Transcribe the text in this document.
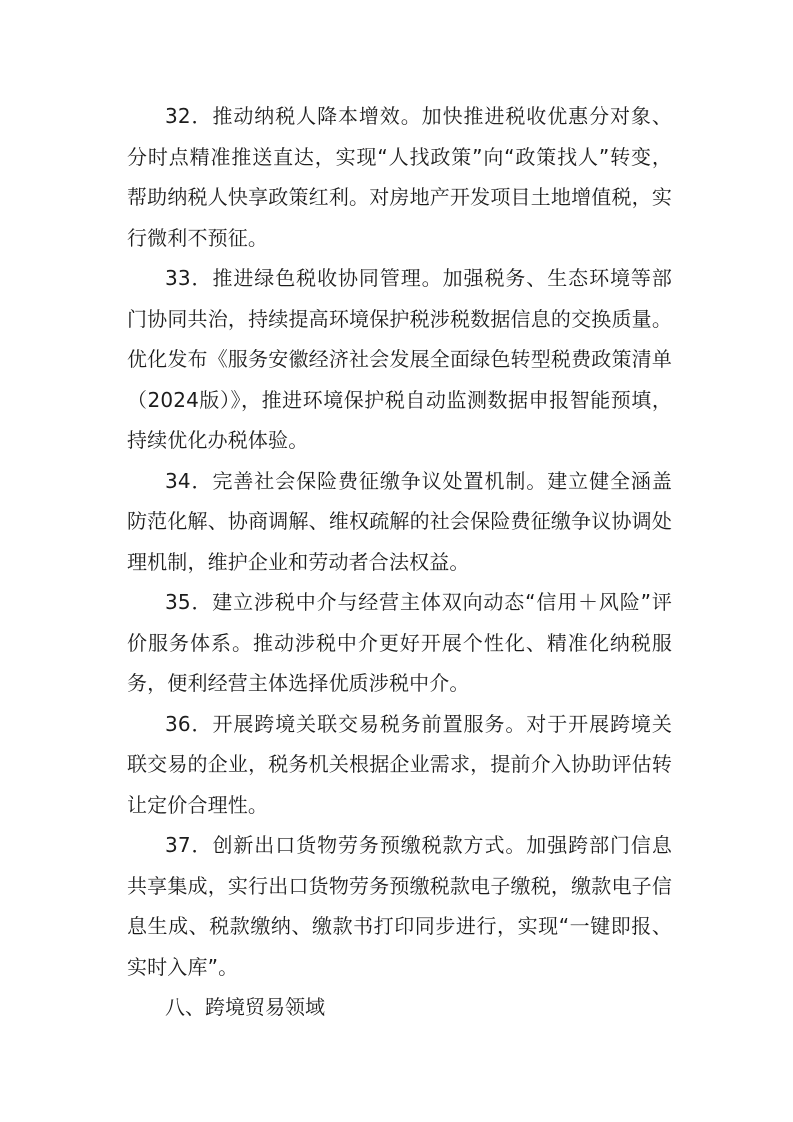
32．推动纳税人降本增效。加快推进税收优惠分对象、分时点精准推送直达，实现“人找政策”向“政策找人”转变，帮助纳税人快享政策红利。对房地产开发项目土地增值税，实行微利不预征。

33．推进绿色税收协同管理。加强税务、生态环境等部门协同共治，持续提高环境保护税涉税数据信息的交换质量。优化发布《服务安徽经济社会发展全面绿色转型税费政策清单（2024版）》，推进环境保护税自动监测数据申报智能预填，持续优化办税体验。

34．完善社会保险费征缴争议处置机制。建立健全涵盖防范化解、协商调解、维权疏解的社会保险费征缴争议协调处理机制，维护企业和劳动者合法权益。

35．建立涉税中介与经营主体双向动态“信用＋风险”评价服务体系。推动涉税中介更好开展个性化、精准化纳税服务，便利经营主体选择优质涉税中介。

36．开展跨境关联交易税务前置服务。对于开展跨境关联交易的企业，税务机关根据企业需求，提前介入协助评估转让定价合理性。

37．创新出口货物劳务预缴税款方式。加强跨部门信息共享集成，实行出口货物劳务预缴税款电子缴税，缴款电子信息生成、税款缴纳、缴款书打印同步进行，实现“一键即报、实时入库”。

八、跨境贸易领域
